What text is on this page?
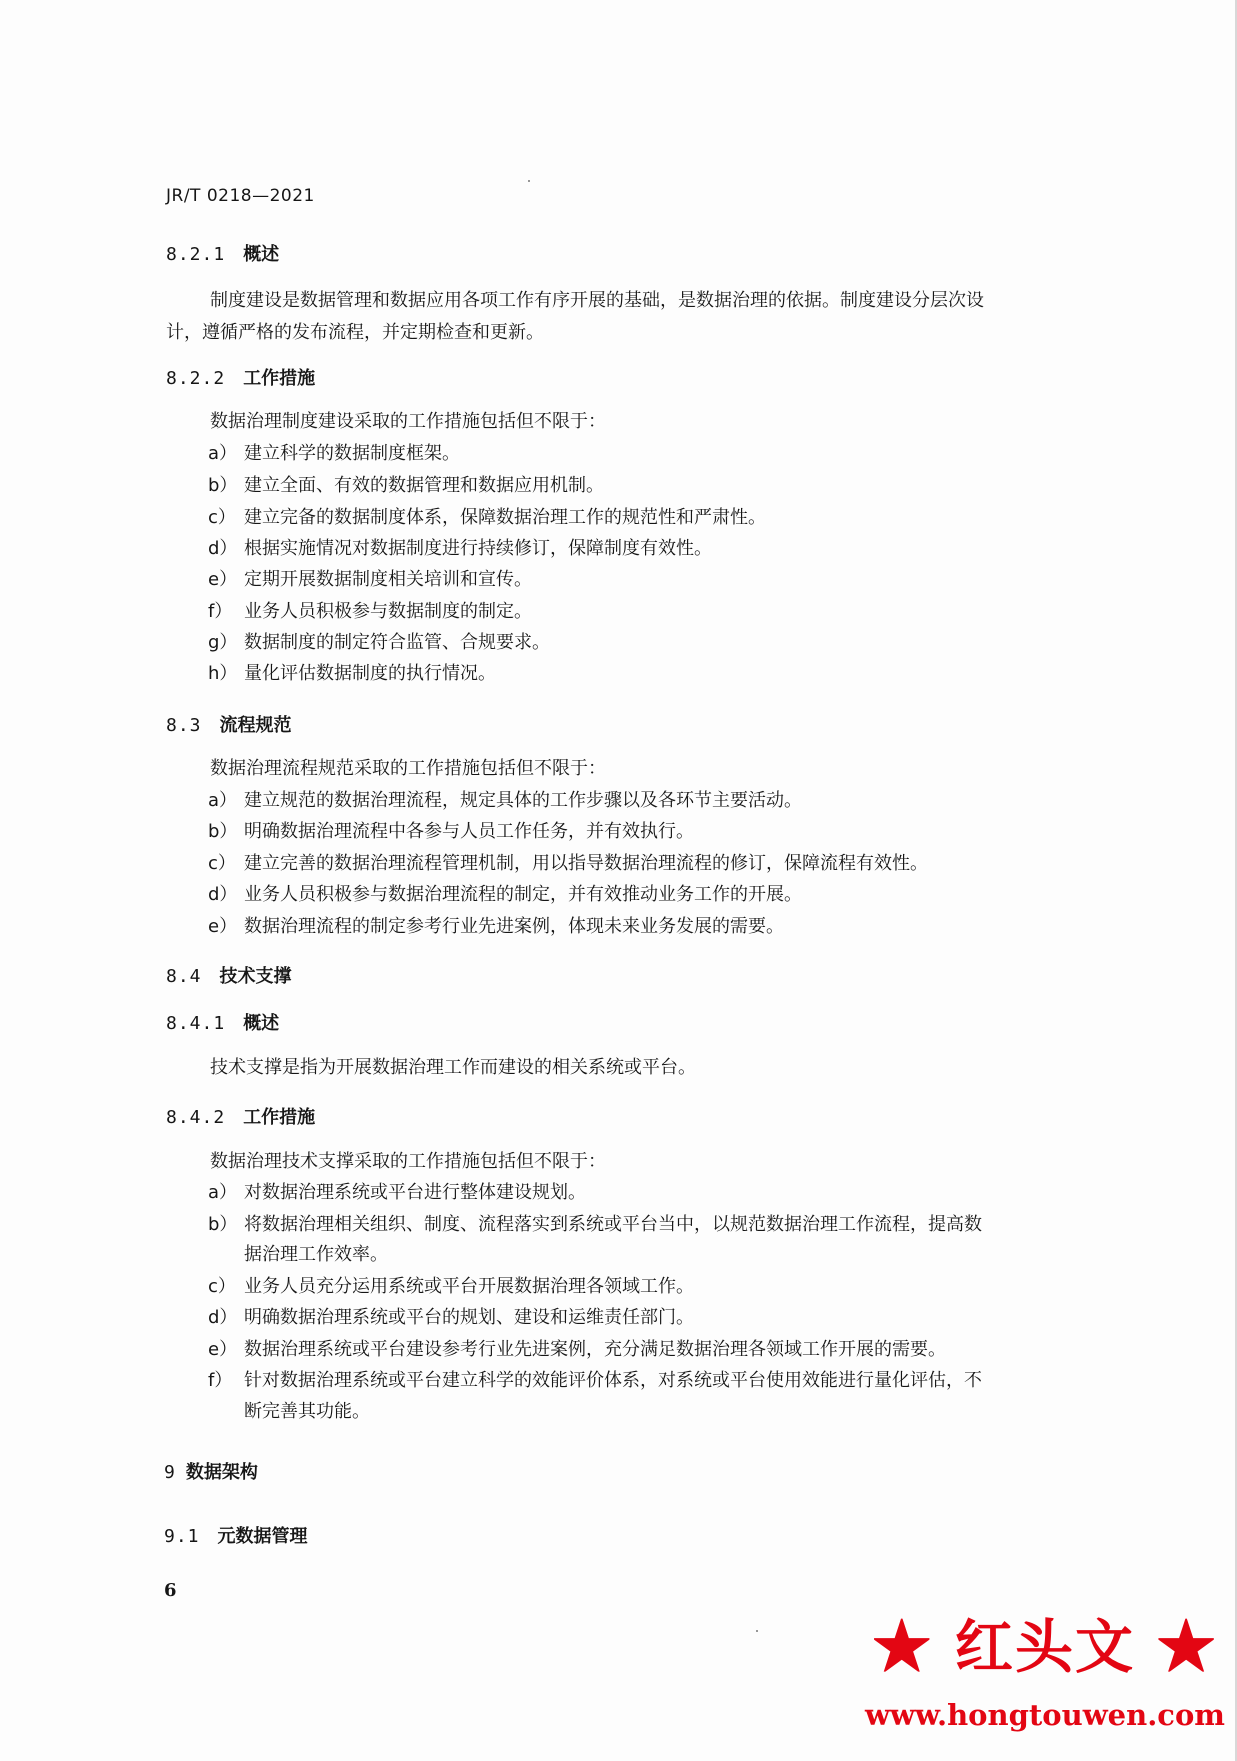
JR/T 0218—2021
8.2.1 概述
制度建设是数据管理和数据应用各项工作有序开展的基础，是数据治理的依据。制度建设分层次设
计，遵循严格的发布流程，并定期检查和更新。
8.2.2 工作措施
数据治理制度建设采取的工作措施包括但不限于：
a） 建立科学的数据制度框架。
b） 建立全面、有效的数据管理和数据应用机制。
c） 建立完备的数据制度体系，保障数据治理工作的规范性和严肃性。
d） 根据实施情况对数据制度进行持续修订，保障制度有效性。
e） 定期开展数据制度相关培训和宣传。
f） 业务人员积极参与数据制度的制定。
g） 数据制度的制定符合监管、合规要求。
h） 量化评估数据制度的执行情况。
8.3 流程规范
数据治理流程规范采取的工作措施包括但不限于：
a） 建立规范的数据治理流程，规定具体的工作步骤以及各环节主要活动。
b） 明确数据治理流程中各参与人员工作任务，并有效执行。
c） 建立完善的数据治理流程管理机制，用以指导数据治理流程的修订，保障流程有效性。
d） 业务人员积极参与数据治理流程的制定，并有效推动业务工作的开展。
e） 数据治理流程的制定参考行业先进案例，体现未来业务发展的需要。
8.4 技术支撑
8.4.1 概述
技术支撑是指为开展数据治理工作而建设的相关系统或平台。
8.4.2 工作措施
数据治理技术支撑采取的工作措施包括但不限于：
a） 对数据治理系统或平台进行整体建设规划。
b） 将数据治理相关组织、制度、流程落实到系统或平台当中，以规范数据治理工作流程，提高数
据治理工作效率。
c） 业务人员充分运用系统或平台开展数据治理各领域工作。
d） 明确数据治理系统或平台的规划、建设和运维责任部门。
e） 数据治理系统或平台建设参考行业先进案例，充分满足数据治理各领域工作开展的需要。
f） 针对数据治理系统或平台建立科学的效能评价体系，对系统或平台使用效能进行量化评估，不
断完善其功能。
9 数据架构
9.1 元数据管理
6
★ 红头文 ★
www.hongtouwen.com
